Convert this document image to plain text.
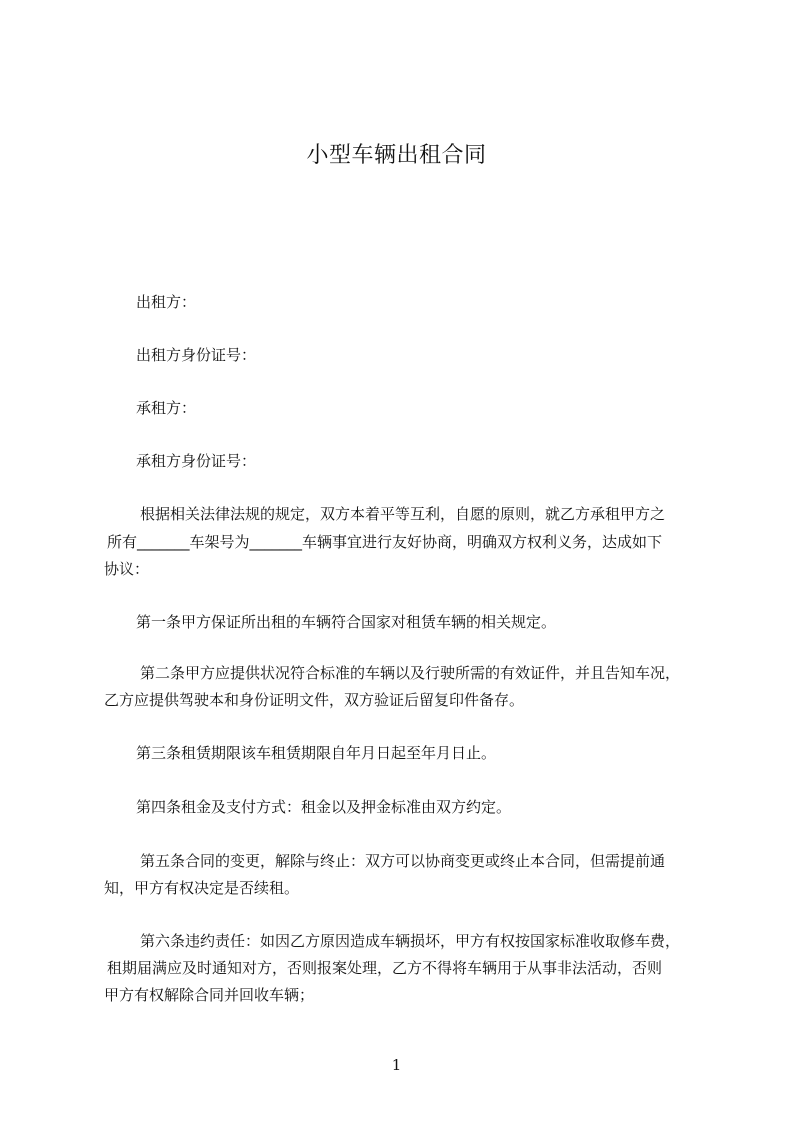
小型车辆出租合同
出租方：
出租方身份证号：
承租方：
承租方身份证号：
根据相关法律法规的规定，双方本着平等互利，自愿的原则，就乙方承租甲方之
所有_______车架号为_______车辆事宜进行友好协商，明确双方权利义务，达成如下
协议：
第一条甲方保证所出租的车辆符合国家对租赁车辆的相关规定。
第二条甲方应提供状况符合标准的车辆以及行驶所需的有效证件，并且告知车况，
乙方应提供驾驶本和身份证明文件，双方验证后留复印件备存。
第三条租赁期限该车租赁期限自年月日起至年月日止。
第四条租金及支付方式：租金以及押金标准由双方约定。
第五条合同的变更，解除与终止：双方可以协商变更或终止本合同，但需提前通
知，甲方有权决定是否续租。
第六条违约责任：如因乙方原因造成车辆损坏，甲方有权按国家标准收取修车费，
租期届满应及时通知对方，否则报案处理，乙方不得将车辆用于从事非法活动，否则
甲方有权解除合同并回收车辆；
1
